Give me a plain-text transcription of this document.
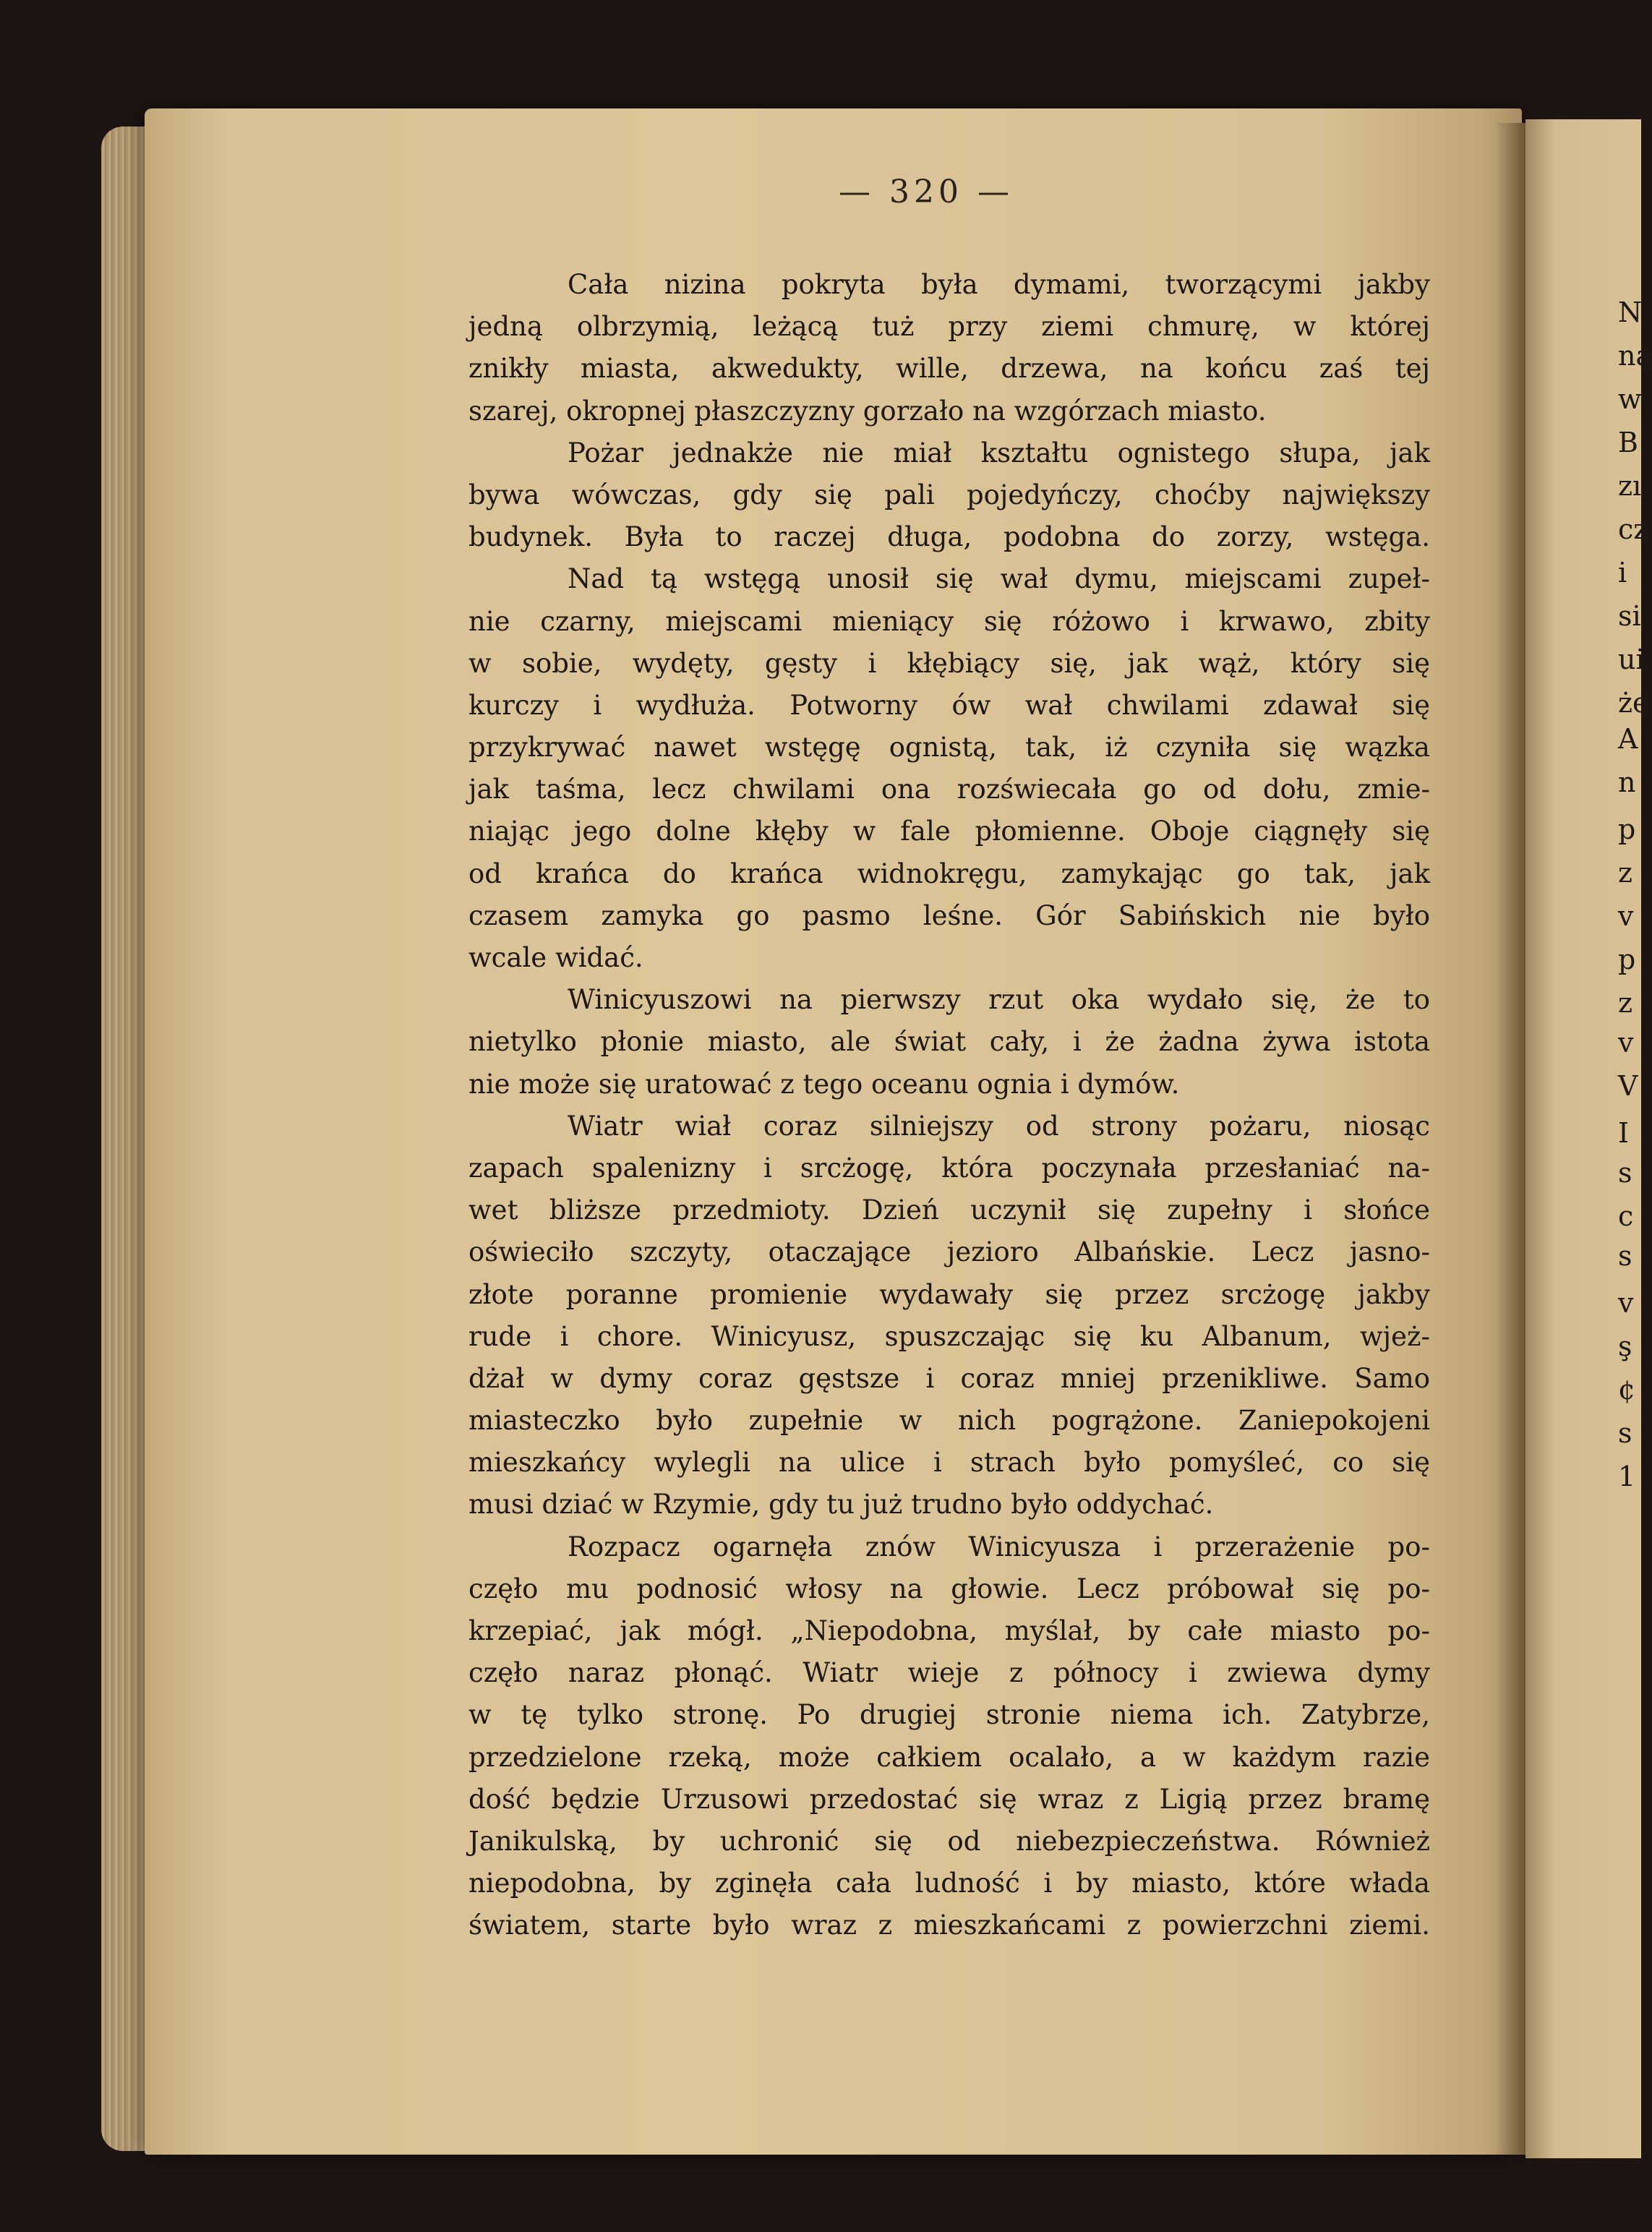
— 320 —
Cała nizina pokryta była dymami, tworzącymi jakby
jedną olbrzymią, leżącą tuż przy ziemi chmurę, w której
znikły miasta, akwedukty, wille, drzewa, na końcu zaś tej
szarej, okropnej płaszczyzny gorzało na wzgórzach miasto.
Pożar jednakże nie miał kształtu ognistego słupa, jak
bywa wówczas, gdy się pali pojedyńczy, choćby największy
budynek. Była to raczej długa, podobna do zorzy, wstęga.
Nad tą wstęgą unosił się wał dymu, miejscami zupeł-
nie czarny, miejscami mieniący się różowo i krwawo, zbity
w sobie, wydęty, gęsty i kłębiący się, jak wąż, który się
kurczy i wydłuża. Potworny ów wał chwilami zdawał się
przykrywać nawet wstęgę ognistą, tak, iż czyniła się wązka
jak taśma, lecz chwilami ona rozświecała go od dołu, zmie-
niając jego dolne kłęby w fale płomienne. Oboje ciągnęły się
od krańca do krańca widnokręgu, zamykając go tak, jak
czasem zamyka go pasmo leśne. Gór Sabińskich nie było
wcale widać.
Winicyuszowi na pierwszy rzut oka wydało się, że to
nietylko płonie miasto, ale świat cały, i że żadna żywa istota
nie może się uratować z tego oceanu ognia i dymów.
Wiatr wiał coraz silniejszy od strony pożaru, niosąc
zapach spalenizny i srcżogę, która poczynała przesłaniać na-
wet bliższe przedmioty. Dzień uczynił się zupełny i słońce
oświeciło szczyty, otaczające jezioro Albańskie. Lecz jasno-
złote poranne promienie wydawały się przez srcżogę jakby
rude i chore. Winicyusz, spuszczając się ku Albanum, wjeż-
dżał w dymy coraz gęstsze i coraz mniej przenikliwe. Samo
miasteczko było zupełnie w nich pogrążone. Zaniepokojeni
mieszkańcy wylegli na ulice i strach było pomyśleć, co się
musi dziać w Rzymie, gdy tu już trudno było oddychać.
Rozpacz ogarnęła znów Winicyusza i przerażenie po-
częło mu podnosić włosy na głowie. Lecz próbował się po-
krzepiać, jak mógł. „Niepodobna, myślał, by całe miasto po-
częło naraz płonąć. Wiatr wieje z północy i zwiewa dymy
w tę tylko stronę. Po drugiej stronie niema ich. Zatybrze,
przedzielone rzeką, może całkiem ocalało, a w każdym razie
dość będzie Urzusowi przedostać się wraz z Ligią przez bramę
Janikulską, by uchronić się od niebezpieczeństwa. Również
niepodobna, by zginęła cała ludność i by miasto, które włada
światem, starte było wraz z mieszkańcami z powierzchni ziemi.
N
na
w
B
zı
cz
i
si
ui
że
A
n
p
z
v
p
z
v
V
I
s
c
s
v
ş
¢
s
1
